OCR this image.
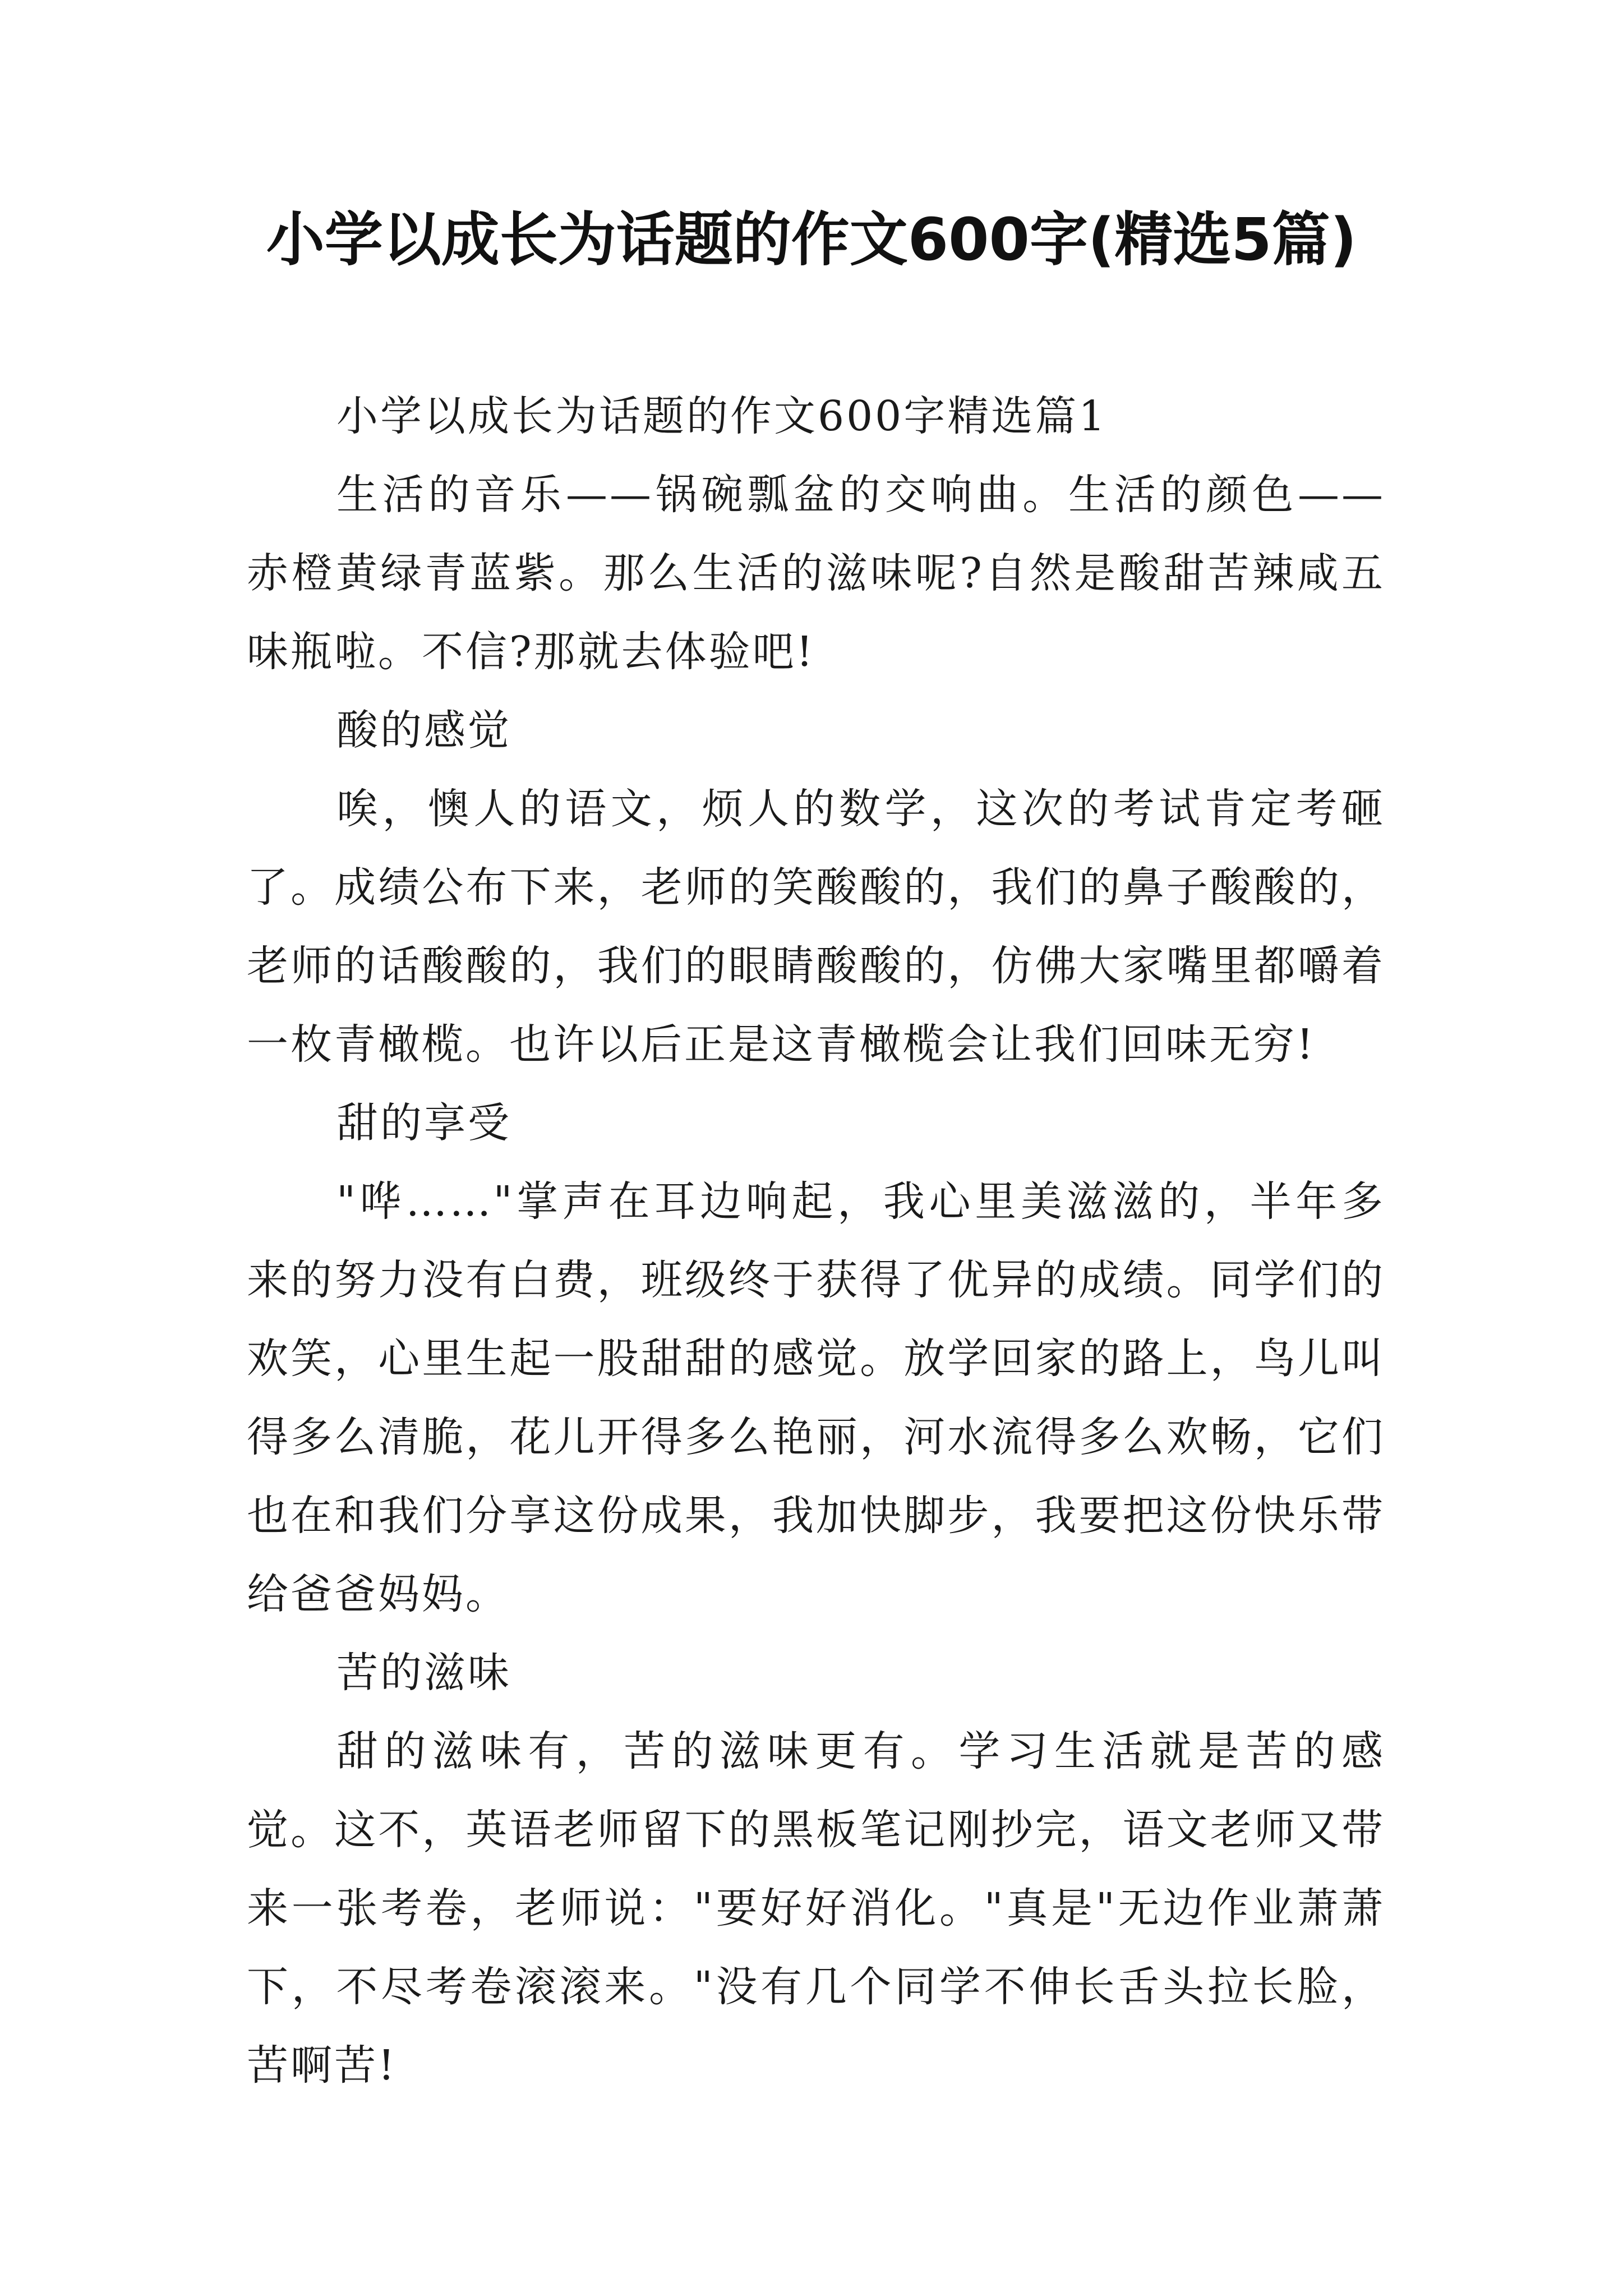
小学以成长为话题的作文600字(精选5篇)

小学以成长为话题的作文600字精选篇1

生活的音乐——锅碗瓢盆的交响曲。生活的颜色——赤橙黄绿青蓝紫。那么生活的滋味呢?自然是酸甜苦辣咸五味瓶啦。不信?那就去体验吧!

酸的感觉

唉，懊人的语文，烦人的数学，这次的考试肯定考砸了。成绩公布下来，老师的笑酸酸的，我们的鼻子酸酸的，老师的话酸酸的，我们的眼睛酸酸的，仿佛大家嘴里都嚼着一枚青橄榄。也许以后正是这青橄榄会让我们回味无穷!

甜的享受

"哗……"掌声在耳边响起，我心里美滋滋的，半年多来的努力没有白费，班级终于获得了优异的成绩。同学们的欢笑，心里生起一股甜甜的感觉。放学回家的路上，鸟儿叫得多么清脆，花儿开得多么艳丽，河水流得多么欢畅，它们也在和我们分享这份成果，我加快脚步，我要把这份快乐带给爸爸妈妈。

苦的滋味

甜的滋味有，苦的滋味更有。学习生活就是苦的感觉。这不，英语老师留下的黑板笔记刚抄完，语文老师又带来一张考卷，老师说："要好好消化。"真是"无边作业萧萧下，不尽考卷滚滚来。"没有几个同学不伸长舌头拉长脸，苦啊苦!
